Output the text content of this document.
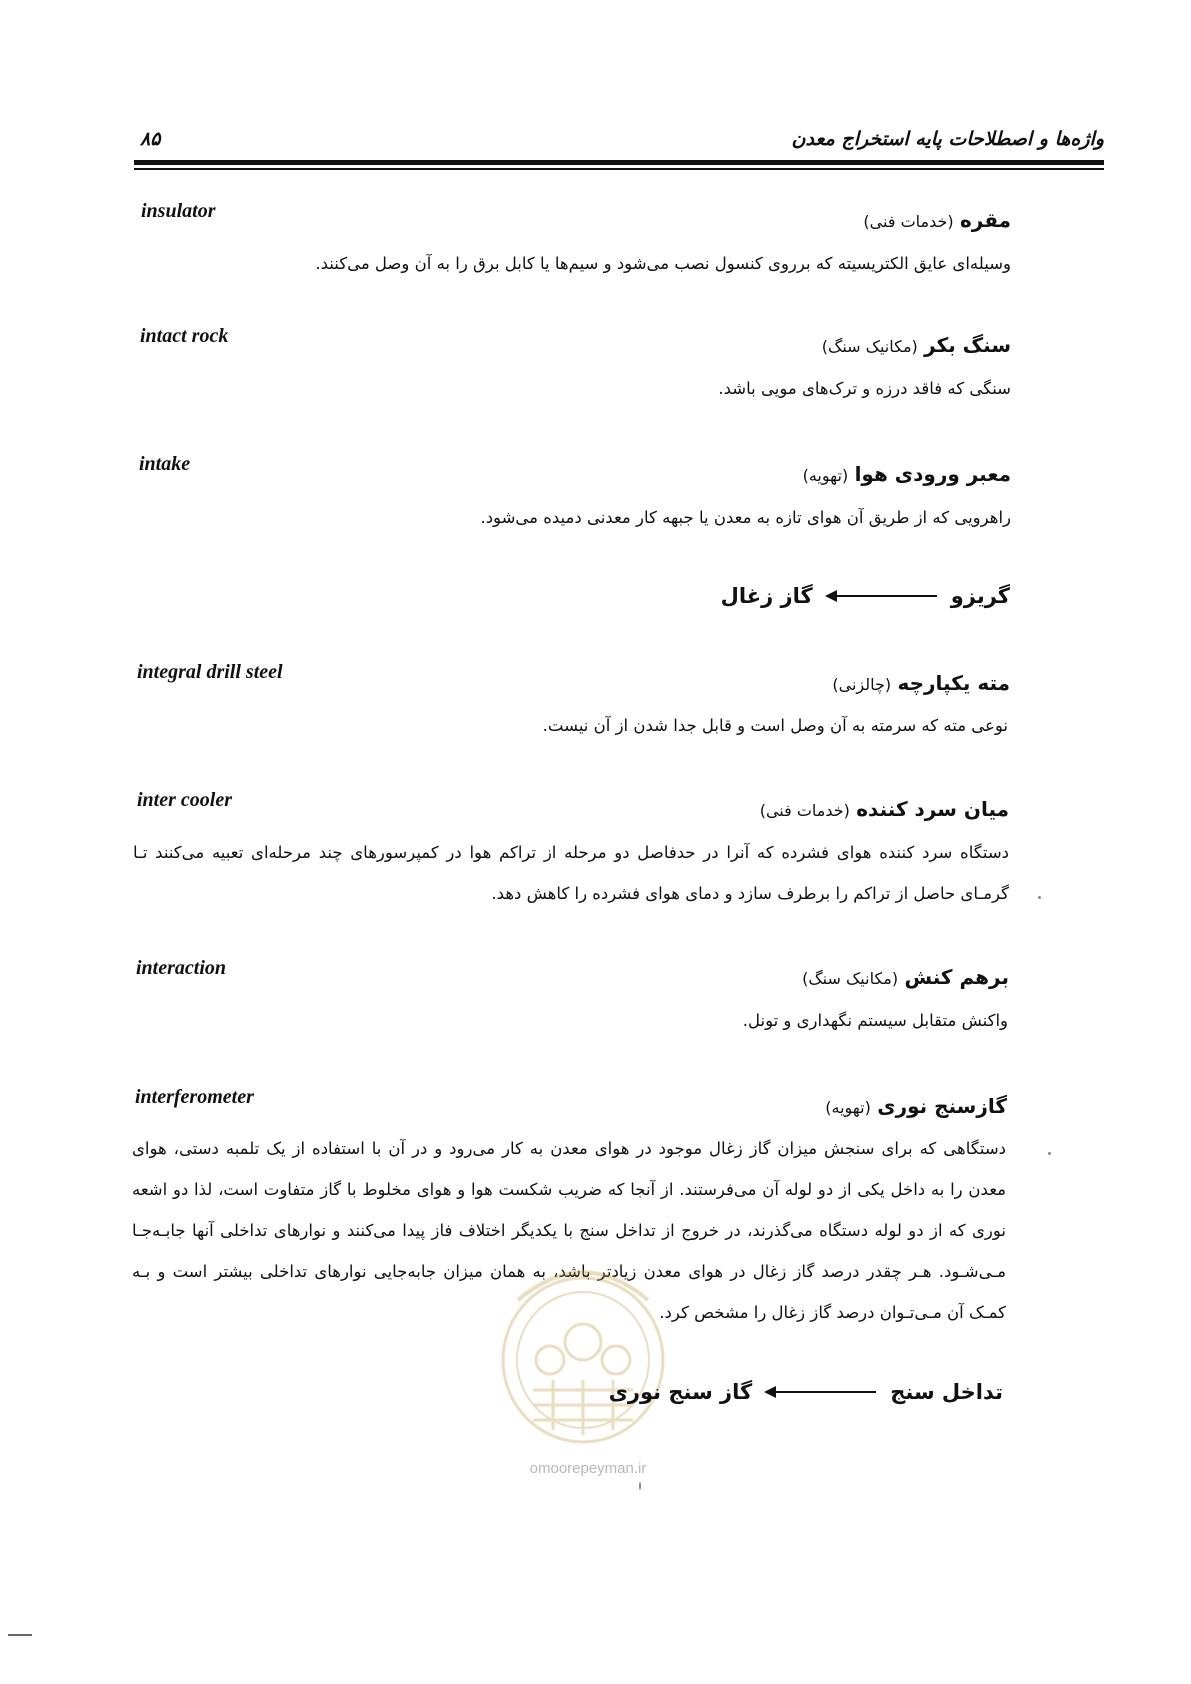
واژه‌ها و اصطلاحات پایه استخراج معدن
۸۵
insulator	مقره (خدمات فنی)
وسیله‌ای عایق الکتریسیته که برروی کنسول نصب می‌شود و سیم‌ها یا کابل برق را به آن وصل می‌کنند.
intact rock	سنگ بکر (مکانیک سنگ)
سنگی که فاقد درزه و ترک‌های مویی باشد.
intake	معبر ورودی هوا (تهویه)
راهرویی که از طریق آن هوای تازه به معدن یا جبهه کار معدنی دمیده می‌شود.
گریزو
گاز زغال
integral drill steel	مته یکپارچه (چالزنی)
نوعی مته که سرمته به آن وصل است و قابل جدا شدن از آن نیست.
inter cooler	میان سرد کننده (خدمات فنی)
دستگاه سرد کننده هوای فشرده که آنرا در حدفاصل دو مرحله از تراکم هوا در کمپرسورهای چند مرحله‌ای تعبیه می‌کنند تـا گرمـای حاصل از تراکم را برطرف سازد و دمای هوای فشرده را کاهش دهد.
interaction	برهم کنش (مکانیک سنگ)
واکنش متقابل سیستم نگهداری و تونل.
interferometer	گازسنج نوری (تهویه)
دستگاهی که برای سنجش میزان گاز زغال موجود در هوای معدن به کار می‌رود و در آن با استفاده از یک تلمبه دستی، هوای معدن را به داخل یکی از دو لوله آن می‌فرستند. از آنجا که ضریب شکست هوا و هوای مخلوط با گاز متفاوت است، لذا دو اشعه نوری که از دو لوله دستگاه می‌گذرند، در خروج از تداخل سنج با یکدیگر اختلاف فاز پیدا می‌کنند و نوارهای تداخلی آنها جابـه‌جـا مـی‌شـود. هـر چقدر درصد گاز زغال در هوای معدن زیادتر باشد، به همان میزان جابه‌جایی نوارهای تداخلی بیشتر است و بـه کمـک آن مـی‌تـوان درصد گاز زغال را مشخص کرد.
omoorepeyman.ir
تداخل سنج
گاز سنج نوری
